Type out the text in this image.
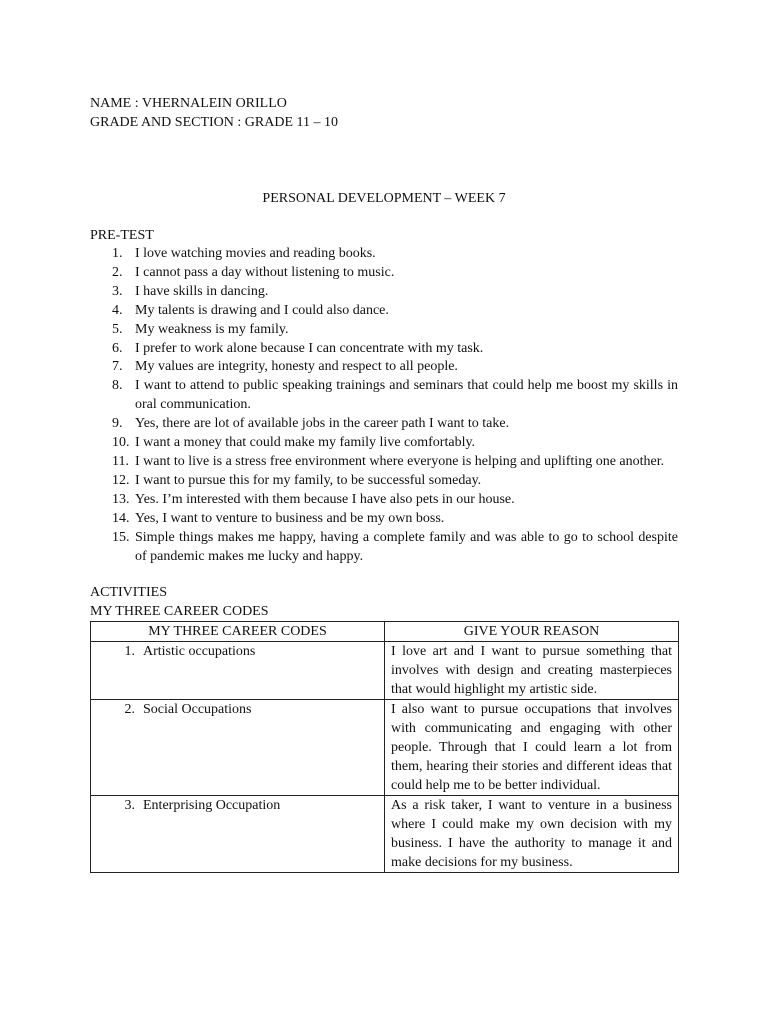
NAME : VHERNALEIN ORILLO
GRADE AND SECTION : GRADE 11 – 10
PERSONAL DEVELOPMENT – WEEK 7
PRE-TEST
1. I love watching movies and reading books.
2. I cannot pass a day without listening to music.
3. I have skills in dancing.
4. My talents is drawing and I could also dance.
5. My weakness is my family.
6. I prefer to work alone because I can concentrate with my task.
7. My values are integrity, honesty and respect to all people.
8. I want to attend to public speaking trainings and seminars that could help me boost my skills in oral communication.
9. Yes, there are lot of available jobs in the career path I want to take.
10. I want a money that could make my family live comfortably.
11. I want to live is a stress free environment where everyone is helping and uplifting one another.
12. I want to pursue this for my family, to be successful someday.
13. Yes. I’m interested with them because I have also pets in our house.
14. Yes, I want to venture to business and be my own boss.
15. Simple things makes me happy, having a complete family and was able to go to school despite of pandemic makes me lucky and happy.
ACTIVITIES
MY THREE CAREER CODES
MY THREE CAREER CODES	GIVE YOUR REASON
1. Artistic occupations	I love art and I want to pursue something that involves with design and creating masterpieces that would highlight my artistic side.
2. Social Occupations	I also want to pursue occupations that involves with communicating and engaging with other people. Through that I could learn a lot from them, hearing their stories and different ideas that could help me to be better individual.
3. Enterprising Occupation	As a risk taker, I want to venture in a business where I could make my own decision with my business. I have the authority to manage it and make decisions for my business.
